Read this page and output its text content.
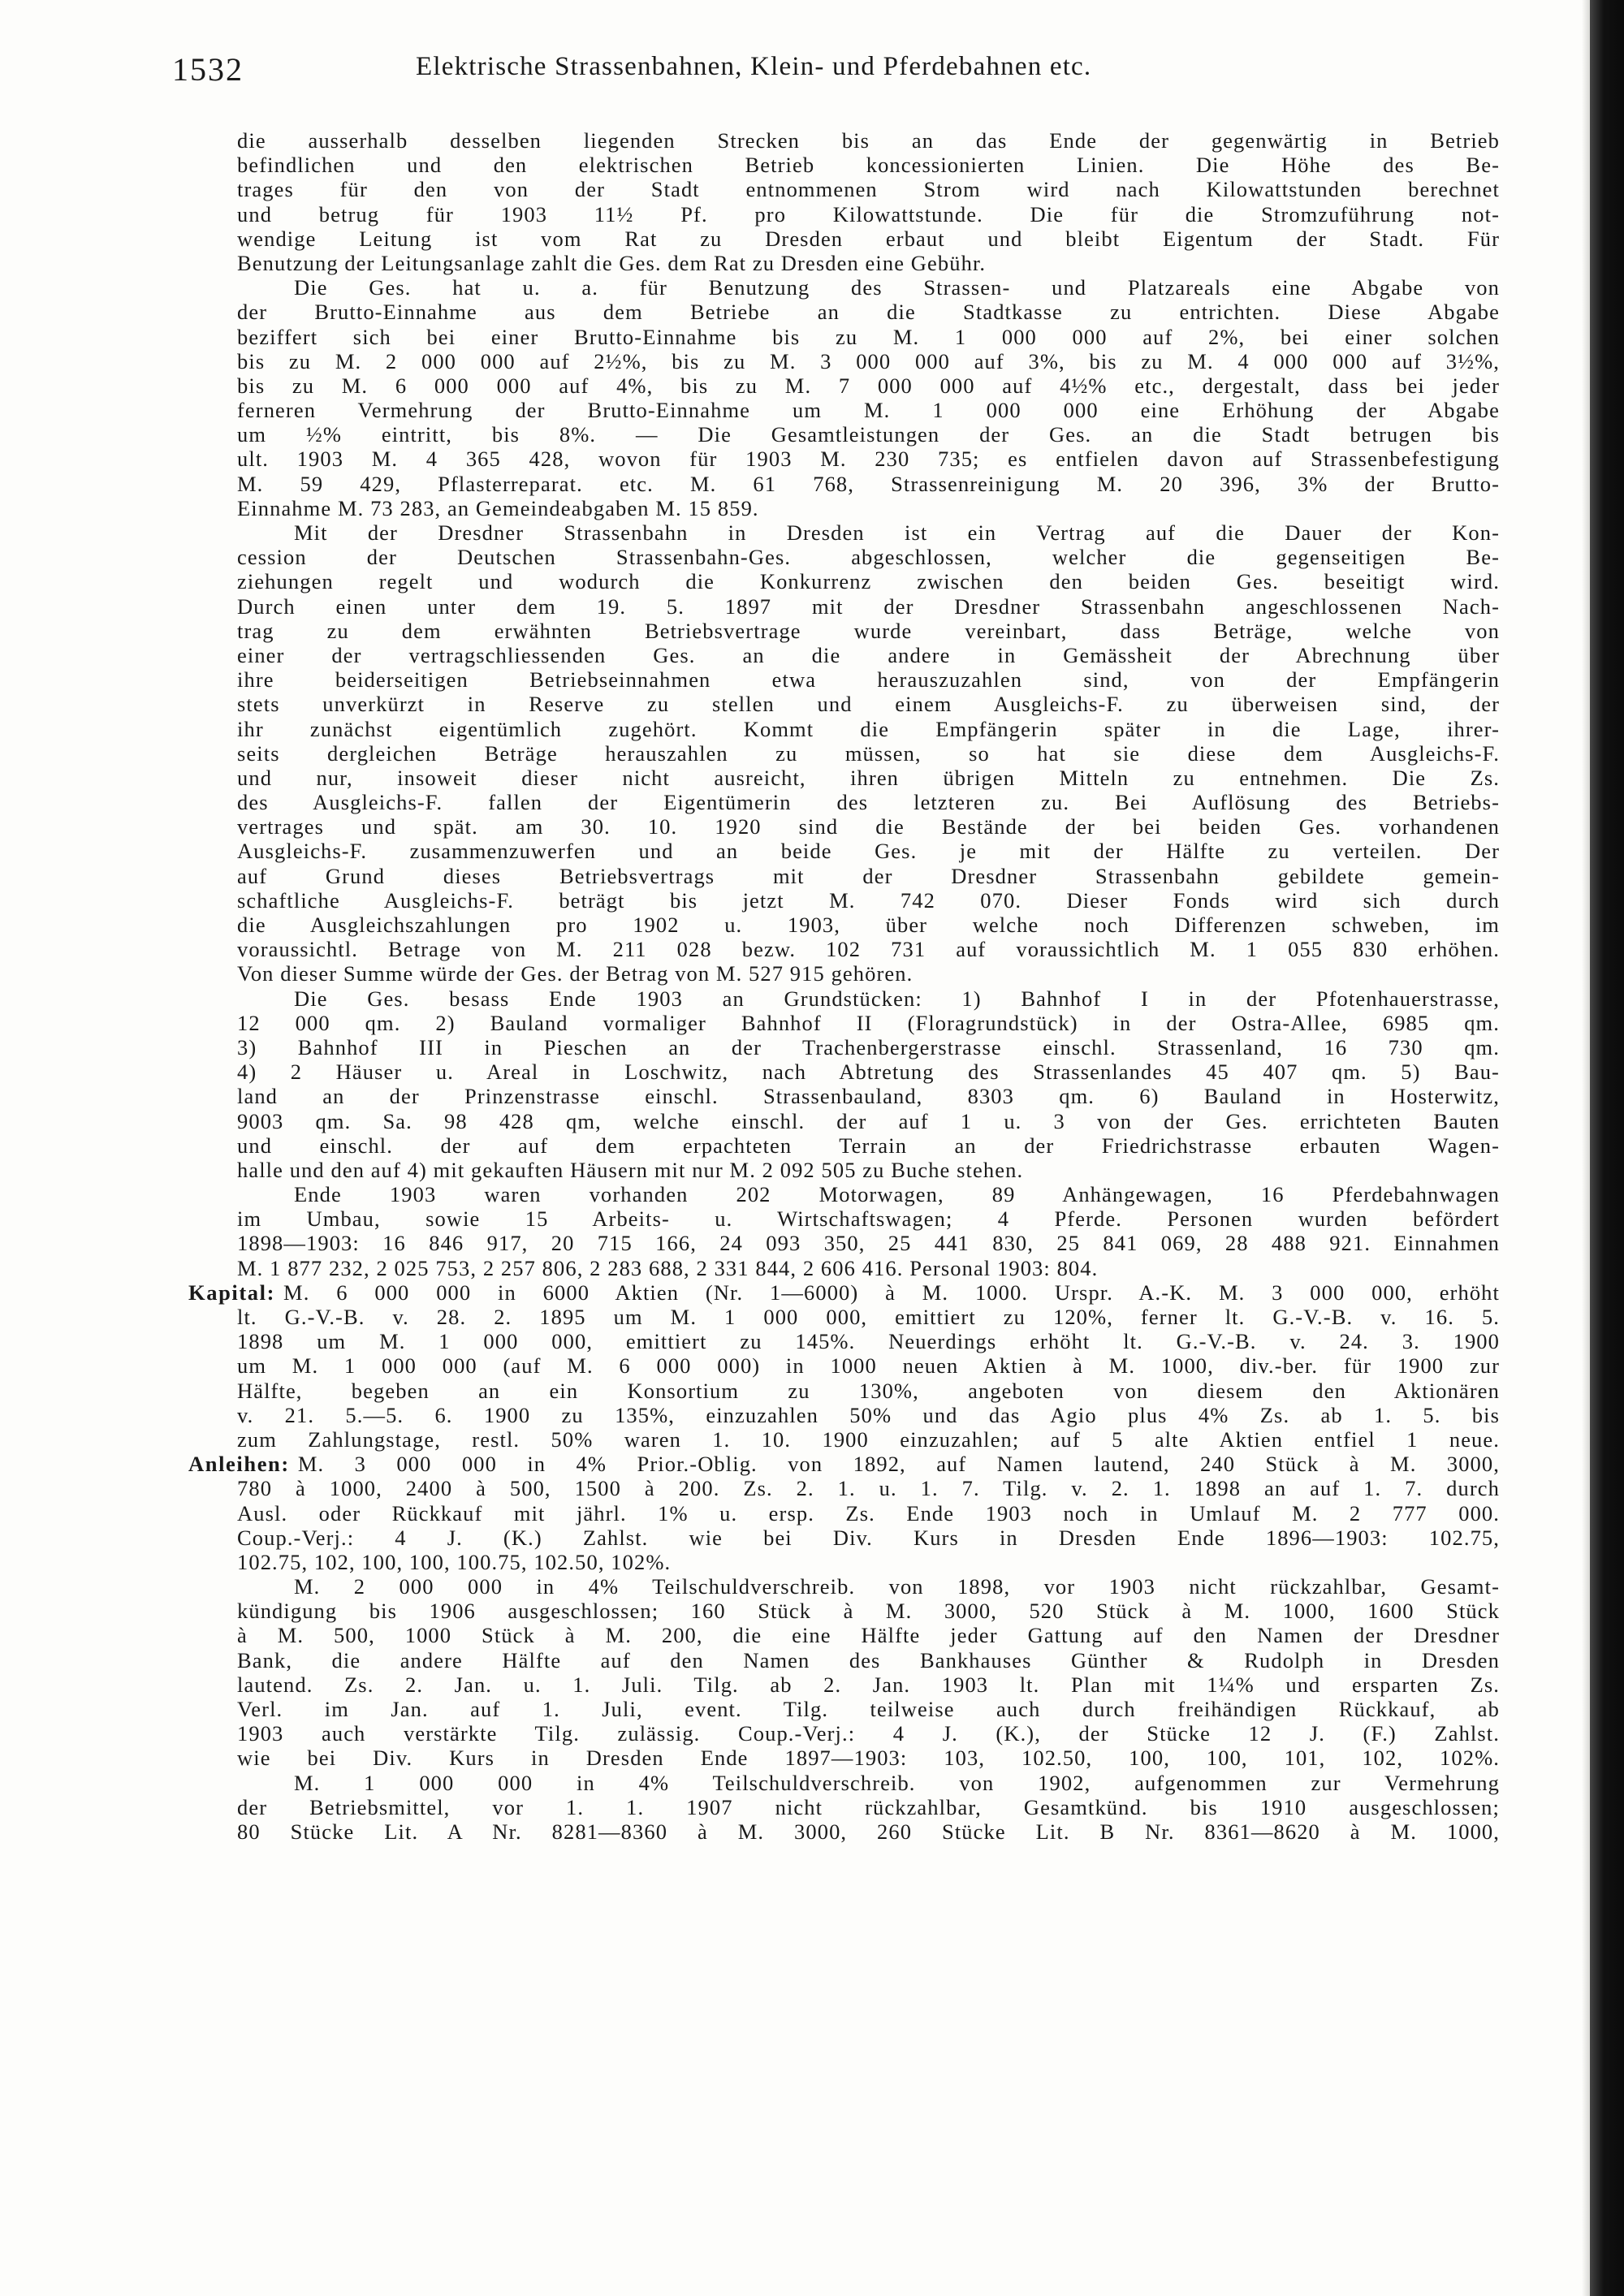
1532	Elektrische Strassenbahnen, Klein- und Pferdebahnen etc.
die ausserhalb desselben liegenden Strecken bis an das Ende der gegenwärtig in Betrieb
befindlichen und den elektrischen Betrieb koncessionierten Linien. Die Höhe des Be-
trages für den von der Stadt entnommenen Strom wird nach Kilowattstunden berechnet
und betrug für 1903 11½ Pf. pro Kilowattstunde. Die für die Stromzuführung not-
wendige Leitung ist vom Rat zu Dresden erbaut und bleibt Eigentum der Stadt. Für
Benutzung der Leitungsanlage zahlt die Ges. dem Rat zu Dresden eine Gebühr.
Die Ges. hat u. a. für Benutzung des Strassen- und Platzareals eine Abgabe von
der Brutto-Einnahme aus dem Betriebe an die Stadtkasse zu entrichten. Diese Abgabe
beziffert sich bei einer Brutto-Einnahme bis zu M. 1 000 000 auf 2%, bei einer solchen
bis zu M. 2 000 000 auf 2½%, bis zu M. 3 000 000 auf 3%, bis zu M. 4 000 000 auf 3½%,
bis zu M. 6 000 000 auf 4%, bis zu M. 7 000 000 auf 4½% etc., dergestalt, dass bei jeder
ferneren Vermehrung der Brutto-Einnahme um M. 1 000 000 eine Erhöhung der Abgabe
um ½% eintritt, bis 8%. — Die Gesamtleistungen der Ges. an die Stadt betrugen bis
ult. 1903 M. 4 365 428, wovon für 1903 M. 230 735; es entfielen davon auf Strassenbefestigung
M. 59 429, Pflasterreparat. etc. M. 61 768, Strassenreinigung M. 20 396, 3% der Brutto-
Einnahme M. 73 283, an Gemeindeabgaben M. 15 859.
Mit der Dresdner Strassenbahn in Dresden ist ein Vertrag auf die Dauer der Kon-
cession der Deutschen Strassenbahn-Ges. abgeschlossen, welcher die gegenseitigen Be-
ziehungen regelt und wodurch die Konkurrenz zwischen den beiden Ges. beseitigt wird.
Durch einen unter dem 19. 5. 1897 mit der Dresdner Strassenbahn angeschlossenen Nach-
trag zu dem erwähnten Betriebsvertrage wurde vereinbart, dass Beträge, welche von
einer der vertragschliessenden Ges. an die andere in Gemässheit der Abrechnung über
ihre beiderseitigen Betriebseinnahmen etwa herauszuzahlen sind, von der Empfängerin
stets unverkürzt in Reserve zu stellen und einem Ausgleichs-F. zu überweisen sind, der
ihr zunächst eigentümlich zugehört. Kommt die Empfängerin später in die Lage, ihrer-
seits dergleichen Beträge herauszahlen zu müssen, so hat sie diese dem Ausgleichs-F.
und nur, insoweit dieser nicht ausreicht, ihren übrigen Mitteln zu entnehmen. Die Zs.
des Ausgleichs-F. fallen der Eigentümerin des letzteren zu. Bei Auflösung des Betriebs-
vertrages und spät. am 30. 10. 1920 sind die Bestände der bei beiden Ges. vorhandenen
Ausgleichs-F. zusammenzuwerfen und an beide Ges. je mit der Hälfte zu verteilen. Der
auf Grund dieses Betriebsvertrags mit der Dresdner Strassenbahn gebildete gemein-
schaftliche Ausgleichs-F. beträgt bis jetzt M. 742 070. Dieser Fonds wird sich durch
die Ausgleichszahlungen pro 1902 u. 1903, über welche noch Differenzen schweben, im
voraussichtl. Betrage von M. 211 028 bezw. 102 731 auf voraussichtlich M. 1 055 830 erhöhen.
Von dieser Summe würde der Ges. der Betrag von M. 527 915 gehören.
Die Ges. besass Ende 1903 an Grundstücken: 1) Bahnhof I in der Pfotenhauerstrasse,
12 000 qm. 2) Bauland vormaliger Bahnhof II (Floragrundstück) in der Ostra-Allee, 6985 qm.
3) Bahnhof III in Pieschen an der Trachenbergerstrasse einschl. Strassenland, 16 730 qm.
4) 2 Häuser u. Areal in Loschwitz, nach Abtretung des Strassenlandes 45 407 qm. 5) Bau-
land an der Prinzenstrasse einschl. Strassenbauland, 8303 qm. 6) Bauland in Hosterwitz,
9003 qm. Sa. 98 428 qm, welche einschl. der auf 1 u. 3 von der Ges. errichteten Bauten
und einschl. der auf dem erpachteten Terrain an der Friedrichstrasse erbauten Wagen-
halle und den auf 4) mit gekauften Häusern mit nur M. 2 092 505 zu Buche stehen.
Ende 1903 waren vorhanden 202 Motorwagen, 89 Anhängewagen, 16 Pferdebahnwagen
im Umbau, sowie 15 Arbeits- u. Wirtschaftswagen; 4 Pferde. Personen wurden befördert
1898—1903: 16 846 917, 20 715 166, 24 093 350, 25 441 830, 25 841 069, 28 488 921. Einnahmen
M. 1 877 232, 2 025 753, 2 257 806, 2 283 688, 2 331 844, 2 606 416. Personal 1903: 804.
Kapital: M. 6 000 000 in 6000 Aktien (Nr. 1—6000) à M. 1000. Urspr. A.-K. M. 3 000 000, erhöht
lt. G.-V.-B. v. 28. 2. 1895 um M. 1 000 000, emittiert zu 120%, ferner lt. G.-V.-B. v. 16. 5.
1898 um M. 1 000 000, emittiert zu 145%. Neuerdings erhöht lt. G.-V.-B. v. 24. 3. 1900
um M. 1 000 000 (auf M. 6 000 000) in 1000 neuen Aktien à M. 1000, div.-ber. für 1900 zur
Hälfte, begeben an ein Konsortium zu 130%, angeboten von diesem den Aktionären
v. 21. 5.—5. 6. 1900 zu 135%, einzuzahlen 50% und das Agio plus 4% Zs. ab 1. 5. bis
zum Zahlungstage, restl. 50% waren 1. 10. 1900 einzuzahlen; auf 5 alte Aktien entfiel 1 neue.
Anleihen: M. 3 000 000 in 4% Prior.-Oblig. von 1892, auf Namen lautend, 240 Stück à M. 3000,
780 à 1000, 2400 à 500, 1500 à 200. Zs. 2. 1. u. 1. 7. Tilg. v. 2. 1. 1898 an auf 1. 7. durch
Ausl. oder Rückkauf mit jährl. 1% u. ersp. Zs. Ende 1903 noch in Umlauf M. 2 777 000.
Coup.-Verj.: 4 J. (K.) Zahlst. wie bei Div. Kurs in Dresden Ende 1896—1903: 102.75,
102.75, 102, 100, 100, 100.75, 102.50, 102%.
M. 2 000 000 in 4% Teilschuldverschreib. von 1898, vor 1903 nicht rückzahlbar, Gesamt-
kündigung bis 1906 ausgeschlossen; 160 Stück à M. 3000, 520 Stück à M. 1000, 1600 Stück
à M. 500, 1000 Stück à M. 200, die eine Hälfte jeder Gattung auf den Namen der Dresdner
Bank, die andere Hälfte auf den Namen des Bankhauses Günther & Rudolph in Dresden
lautend. Zs. 2. Jan. u. 1. Juli. Tilg. ab 2. Jan. 1903 lt. Plan mit 1¼% und ersparten Zs.
Verl. im Jan. auf 1. Juli, event. Tilg. teilweise auch durch freihändigen Rückkauf, ab
1903 auch verstärkte Tilg. zulässig. Coup.-Verj.: 4 J. (K.), der Stücke 12 J. (F.) Zahlst.
wie bei Div. Kurs in Dresden Ende 1897—1903: 103, 102.50, 100, 100, 101, 102, 102%.
M. 1 000 000 in 4% Teilschuldverschreib. von 1902, aufgenommen zur Vermehrung
der Betriebsmittel, vor 1. 1. 1907 nicht rückzahlbar, Gesamtkünd. bis 1910 ausgeschlossen;
80 Stücke Lit. A Nr. 8281—8360 à M. 3000, 260 Stücke Lit. B Nr. 8361—8620 à M. 1000,
